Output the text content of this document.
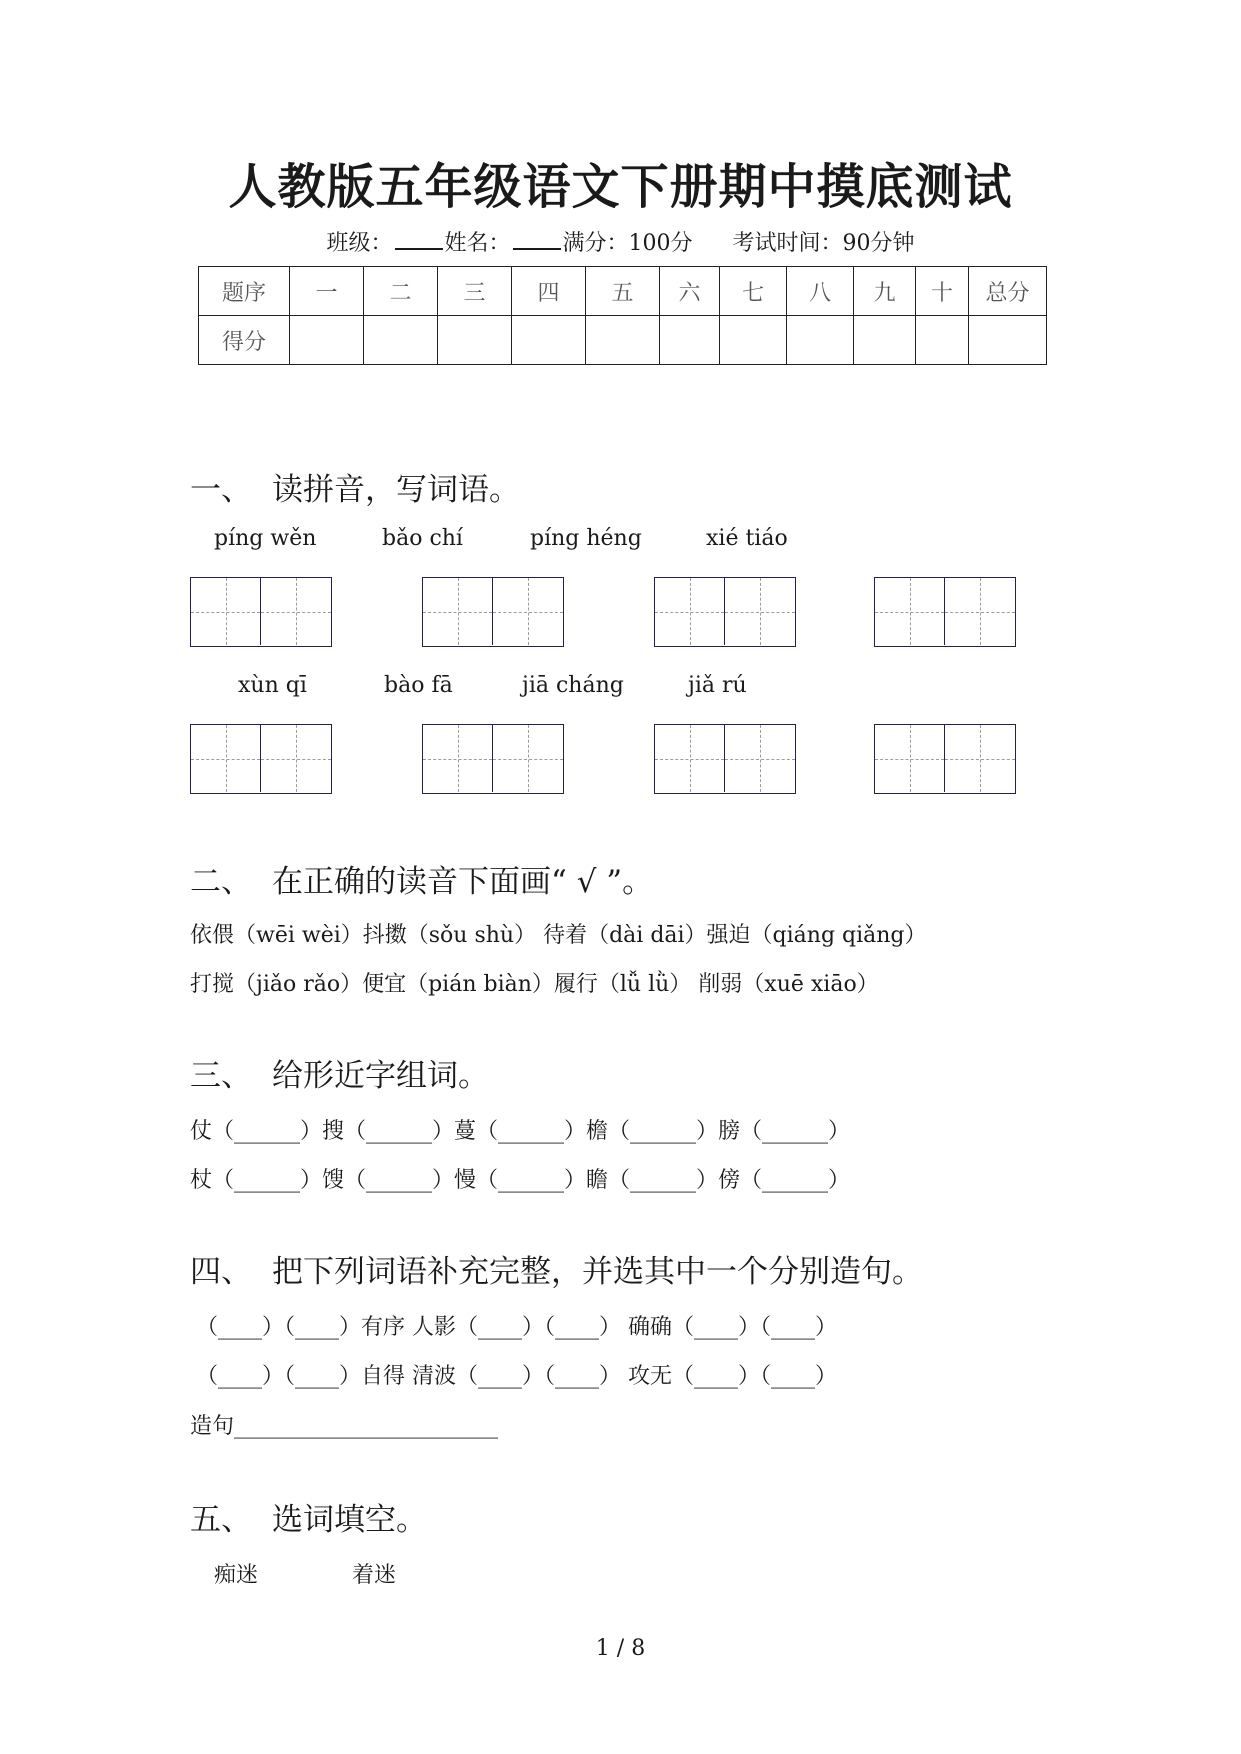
人教版五年级语文下册期中摸底测试
班级： 姓名： 满分：100分 考试时间：90分钟
题序	一	二	三	四	五	六	七	八	九	十	总分
得分											
一、 读拼音，写词语。
píng wěn	bǎo chí	píng héng	xié tiáo
xùn qī	bào fā	jiā cháng	jiǎ rú
二、 在正确的读音下面画“ √ ”。
依偎（wēi wèi）抖擞（sǒu shù） 待着（dài dāi）强迫（qiáng qiǎng）
打搅（jiǎo rǎo）便宜（pián biàn）履行（lǚ lǜ） 削弱（xuē xiāo）
三、 给形近字组词。
仗（______）搜（______）蔓（______）檐（______）膀（______）
杖（______）馊（______）慢（______）瞻（______）傍（______）
四、 把下列词语补充完整，并选其中一个分别造句。
（____）（____）有序 人影（____）（____） 确确（____）（____）
（____）（____）自得 清波（____）（____） 攻无（____）（____）
造句________________________
五、 选词填空。
痴迷	着迷
1 / 8
